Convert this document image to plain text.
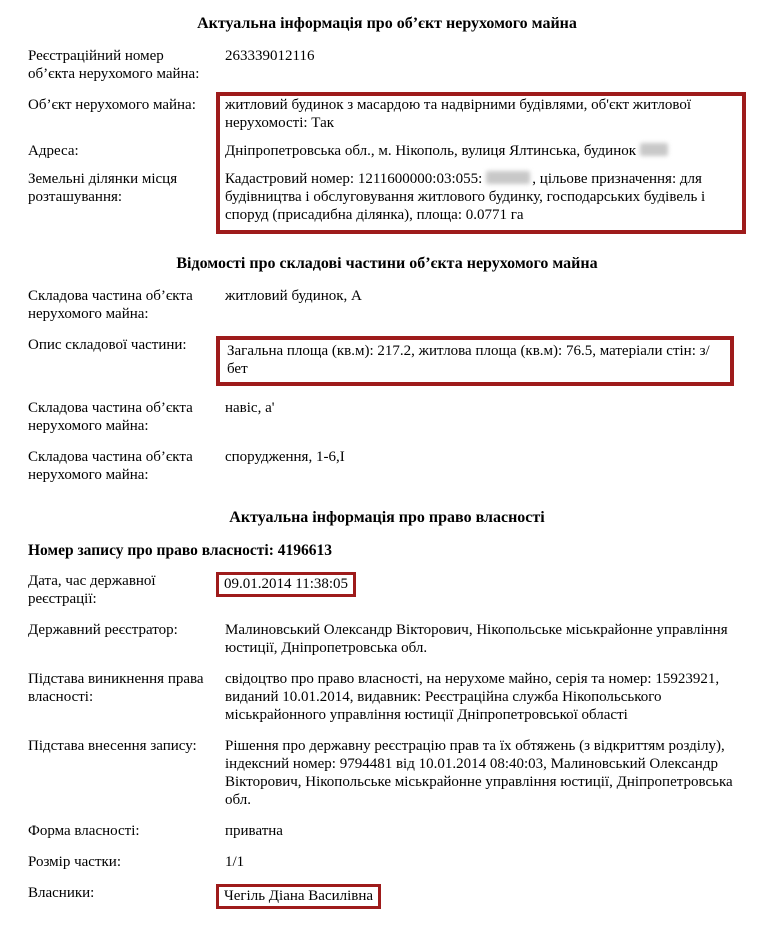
Актуальна інформація про об’єкт нерухомого майна
Реєстраційний номер об’єкта нерухомого майна:
263339012116
Об’єкт нерухомого майна:	житловий будинок з масардою та надвірними будівлями, об'єкт житлової нерухомості: Так
Адреса:	Дніпропетровська обл., м. Нікополь, вулиця Ялтинська, будинок
Земельні ділянки місця розташування:
Кадастровий номер: 1211600000:03:055:	, цільове призначення: для будівництва і обслуговування житлового будинку, господарських будівель і споруд (присадибна ділянка), площа: 0.0771 га
Відомості про складові частини об’єкта нерухомого майна
Складова частина об’єкта нерухомого майна:
житловий будинок, А
Опис складової частини:	Загальна площа (кв.м): 217.2, житлова площа (кв.м): 76.5, матеріали стін: з/бет
Складова частина об’єкта нерухомого майна:
навіс, а'
Складова частина об’єкта нерухомого майна:
спорудження, 1-6,I
Актуальна інформація про право власності
Номер запису про право власності: 4196613
Дата, час державної реєстрації:
09.01.2014 11:38:05
Державний реєстратор:	Малиновський Олександр Вікторович, Нікопольське міськрайонне управління юстиції, Дніпропетровська обл.
Підстава виникнення права власності:
свідоцтво про право власності, на нерухоме майно, серія та номер: 15923921, виданий 10.01.2014, видавник: Реєстраційна служба Нікопольського міськрайонного управління юстиції Дніпропетровської області
Підстава внесення запису:	Рішення про державну реєстрацію прав та їх обтяжень (з відкриттям розділу), індексний номер: 9794481 від 10.01.2014 08:40:03, Малиновський Олександр Вікторович, Нікопольське міськрайонне управління юстиції, Дніпропетровська обл.
Форма власності:	приватна
Розмір частки:	1/1
Власники:	Чегіль Діана Василівна
